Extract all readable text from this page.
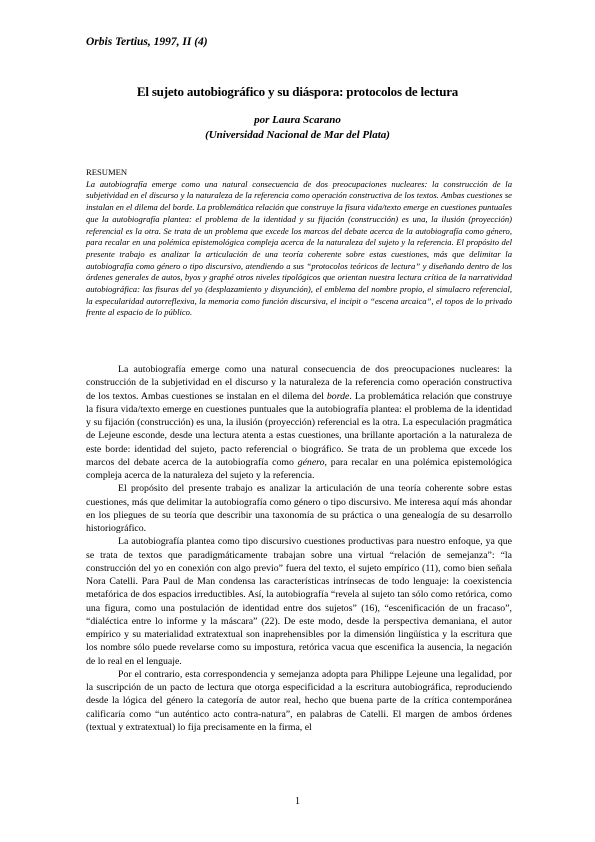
Orbis Tertius, 1997, II (4)
El sujeto autobiográfico y su diáspora: protocolos de lectura
por Laura Scarano
(Universidad Nacional de Mar del Plata)
RESUMEN
La autobiografía emerge como una natural consecuencia de dos preocupaciones nucleares: la construcción de la subjetividad en el discurso y la naturaleza de la referencia como operación constructiva de los textos. Ambas cuestiones se instalan en el dilema del borde. La problemática relación que construye la fisura vida/texto emerge en cuestiones puntuales que la autobiografía plantea: el problema de la identidad y su fijación (construcción) es una, la ilusión (proyección) referencial es la otra. Se trata de un problema que excede los marcos del debate acerca de la autobiografía como género, para recalar en una polémica epistemológica compleja acerca de la naturaleza del sujeto y la referencia. El propósito del presente trabajo es analizar la articulación de una teoría coherente sobre estas cuestiones, más que delimitar la autobiografía como género o tipo discursivo, atendiendo a sus “protocolos teóricos de lectura” y diseñando dentro de los órdenes generales de autos, byos y graphé otros niveles tipológicos que orientan nuestra lectura crítica de la narratividad autobiográfica: las fisuras del yo (desplazamiento y disyunción), el emblema del nombre propio, el simulacro referencial, la especularidad autorreflexiva, la memoria como función discursiva, el incipit o “escena arcaica”, el topos de lo privado frente al espacio de lo público.

La autobiografía emerge como una natural consecuencia de dos preocupaciones nucleares: la construcción de la subjetividad en el discurso y la naturaleza de la referencia como operación constructiva de los textos. Ambas cuestiones se instalan en el dilema del borde. La problemática relación que construye la fisura vida/texto emerge en cuestiones puntuales que la autobiografía plantea: el problema de la identidad y su fijación (construcción) es una, la ilusión (proyección) referencial es la otra. La especulación pragmática de Lejeune esconde, desde una lectura atenta a estas cuestiones, una brillante aportación a la naturaleza de este borde: identidad del sujeto, pacto referencial o biográfico. Se trata de un problema que excede los marcos del debate acerca de la autobiografía como género, para recalar en una polémica epistemológica compleja acerca de la naturaleza del sujeto y la referencia.

El propósito del presente trabajo es analizar la articulación de una teoría coherente sobre estas cuestiones, más que delimitar la autobiografía como género o tipo discursivo. Me interesa aquí más ahondar en los pliegues de su teoría que describir una taxonomía de su práctica o una genealogía de su desarrollo historiográfico.

La autobiografía plantea como tipo discursivo cuestiones productivas para nuestro enfoque, ya que se trata de textos que paradigmáticamente trabajan sobre una virtual “relación de semejanza”: “la construcción del yo en conexión con algo previo” fuera del texto, el sujeto empírico (11), como bien señala Nora Catelli. Para Paul de Man condensa las características intrínsecas de todo lenguaje: la coexistencia metafórica de dos espacios irreductibles. Así, la autobiografía “revela al sujeto tan sólo como retórica, como una figura, como una postulación de identidad entre dos sujetos” (16), “escenificación de un fracaso”, “dialéctica entre lo informe y la máscara” (22). De este modo, desde la perspectiva demaniana, el autor empírico y su materialidad extratextual son inaprehensibles por la dimensión lingüística y la escritura que los nombre sólo puede revelarse como su impostura, retórica vacua que escenifica la ausencia, la negación de lo real en el lenguaje.

Por el contrario, esta correspondencia y semejanza adopta para Philippe Lejeune una legalidad, por la suscripción de un pacto de lectura que otorga especificidad a la escritura autobiográfica, reproduciendo desde la lógica del género la categoría de autor real, hecho que buena parte de la crítica contemporánea calificaría como “un auténtico acto contra-natura”, en palabras de Catelli. El margen de ambos órdenes (textual y extratextual) lo fija precisamente en la firma, el

1
